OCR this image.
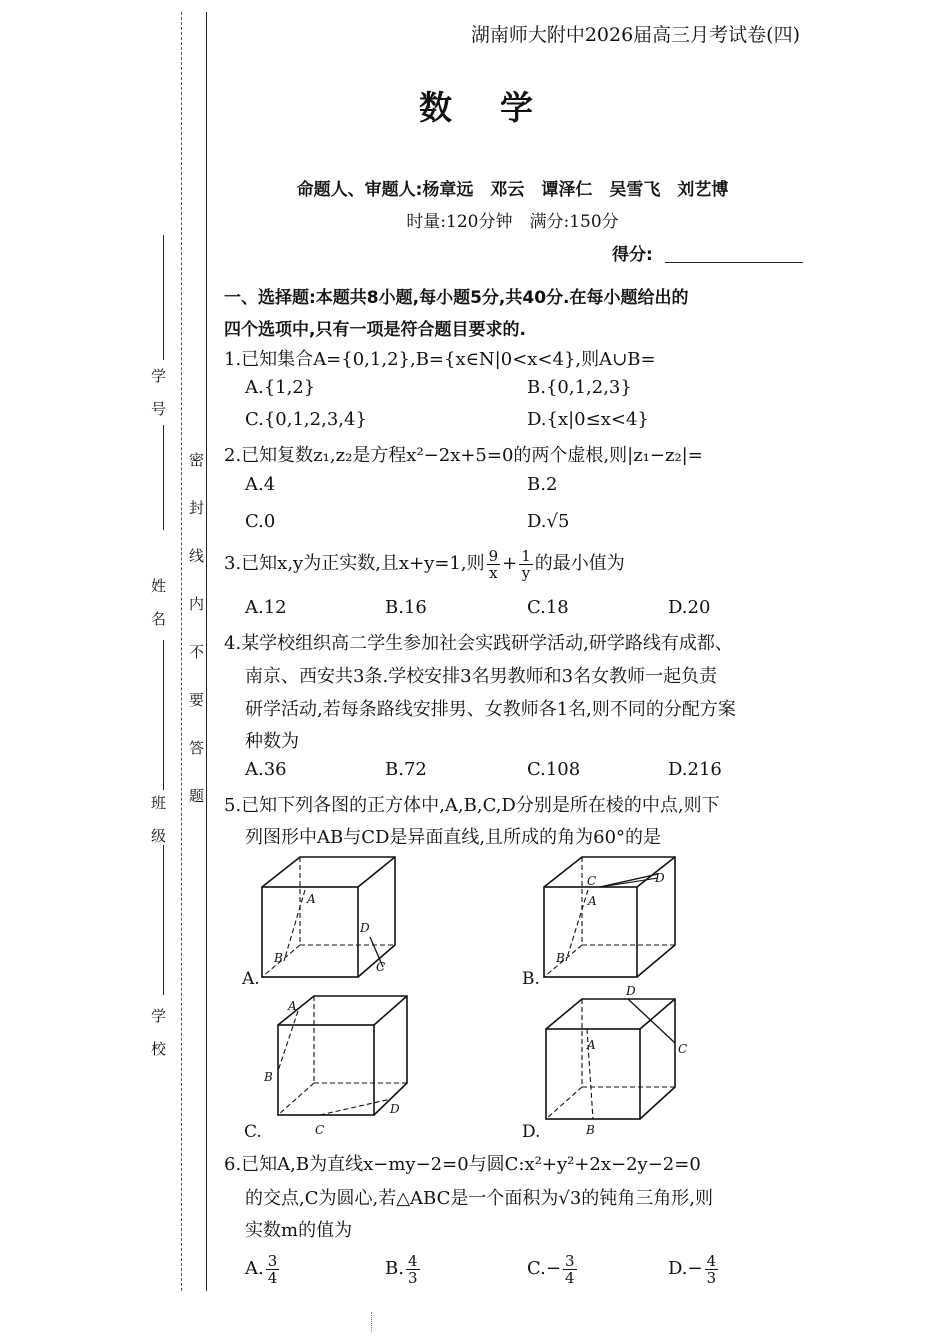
学号
姓名
班级
学校
密封线内不要答题
湖南师大附中2026届高三月考试卷(四)
数学
命题人、审题人:杨章远　邓云　谭泽仁　吴雪飞　刘艺博
时量:120分钟　满分:150分
得分:
一、选择题:本题共8小题,每小题5分,共40分.在每小题给出的
四个选项中,只有一项是符合题目要求的.
1.已知集合A={0,1,2},B={x∈N|0<x<4},则A∪B=
A.{1,2}	B.{0,1,2,3}
C.{0,1,2,3,4}	D.{x|0≤x<4}
2.已知复数z₁,z₂是方程x²−2x+5=0的两个虚根,则|z₁−z₂|=
A.4	B.2
C.0	D.√5
3.已知x,y为正实数,且x+y=1,则 $\frac{9}{x} + \frac{1}{y}$ 的最小值为
A.12	B.16	C.18	D.20
4.某学校组织高二学生参加社会实践研学活动,研学路线有成都、
南京、西安共3条.学校安排3名男教师和3名女教师一起负责
研学活动,若每条路线安排男、女教师各1名,则不同的分配方案
种数为
A.36	B.72	C.108	D.216
5.已知下列各图的正方体中,A,B,C,D分别是所在棱的中点,则下
列图形中AB与CD是异面直线,且所成的角为60°的是
A.
A
B
D
C
B.
C	D
A
B
C.
A
B
D
C	D.
D
A	C
B
6.已知A,B为直线x−my−2=0与圆C:x²+y²+2x−2y−2=0
的交点,C为圆心,若△ABC是一个面积为√3的钝角三角形,则
实数m的值为
A. $\frac{3}{4}$	B. $\frac{4}{3}$	$C.- \frac{3}{4}$	$D.- \frac{4}{3}$
